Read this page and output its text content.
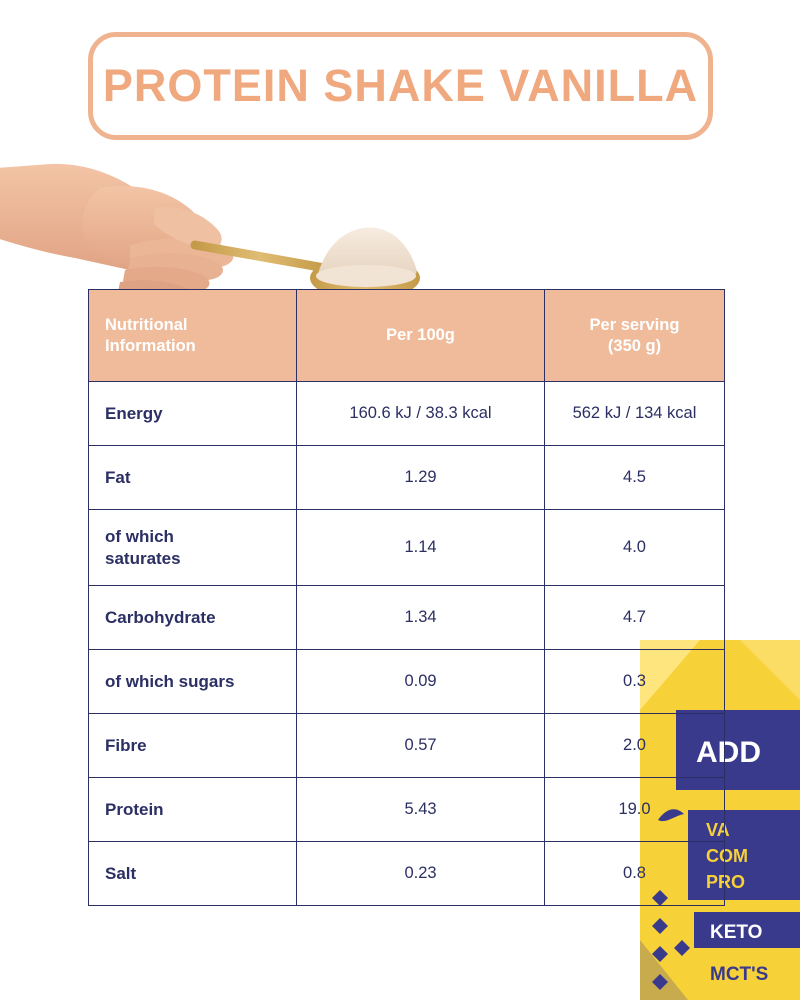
PROTEIN SHAKE VANILLA
ADD
VA
COM
PRO
KETO
MCT'S
Nutritional
Information	Per 100g	Per serving
(350 g)
Energy	160.6 kJ / 38.3 kcal	562 kJ / 134 kcal
Fat	1.29	4.5
of which
saturates	1.14	4.0
Carbohydrate	1.34	4.7
of which sugars	0.09	0.3
Fibre	0.57	2.0
Protein	5.43	19.0
Salt	0.23	0.8
